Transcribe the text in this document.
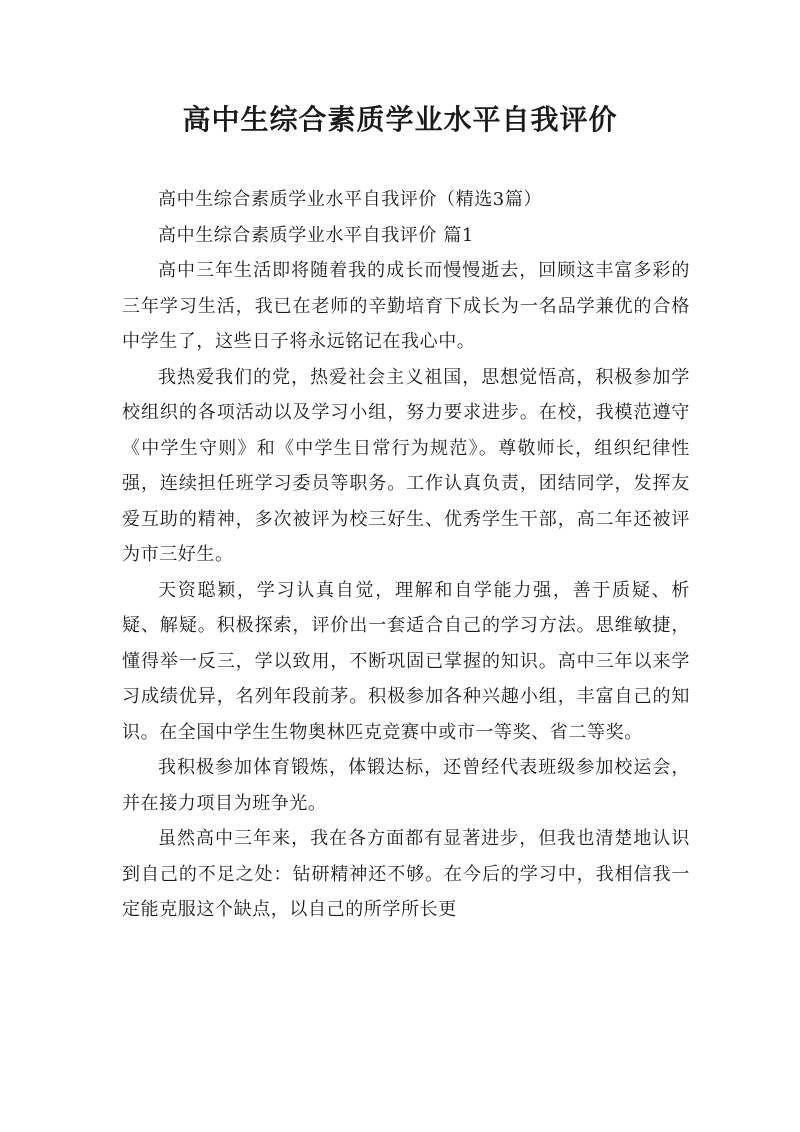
高中生综合素质学业水平自我评价

高中生综合素质学业水平自我评价（精选3篇）

高中生综合素质学业水平自我评价 篇1

高中三年生活即将随着我的成长而慢慢逝去，回顾这丰富多彩的三年学习生活，我已在老师的辛勤培育下成长为一名品学兼优的合格中学生了，这些日子将永远铭记在我心中。

我热爱我们的党，热爱社会主义祖国，思想觉悟高，积极参加学校组织的各项活动以及学习小组，努力要求进步。在校，我模范遵守《中学生守则》和《中学生日常行为规范》。尊敬师长，组织纪律性强，连续担任班学习委员等职务。工作认真负责，团结同学，发挥友爱互助的精神，多次被评为校三好生、优秀学生干部，高二年还被评为市三好生。

天资聪颖，学习认真自觉，理解和自学能力强，善于质疑、析疑、解疑。积极探索，评价出一套适合自己的学习方法。思维敏捷，懂得举一反三，学以致用，不断巩固已掌握的知识。高中三年以来学习成绩优异，名列年段前茅。积极参加各种兴趣小组，丰富自己的知识。在全国中学生生物奥林匹克竞赛中或市一等奖、省二等奖。

我积极参加体育锻炼，体锻达标，还曾经代表班级参加校运会，并在接力项目为班争光。

虽然高中三年来，我在各方面都有显著进步，但我也清楚地认识到自己的不足之处：钻研精神还不够。在今后的学习中，我相信我一定能克服这个缺点，以自己的所学所长更
